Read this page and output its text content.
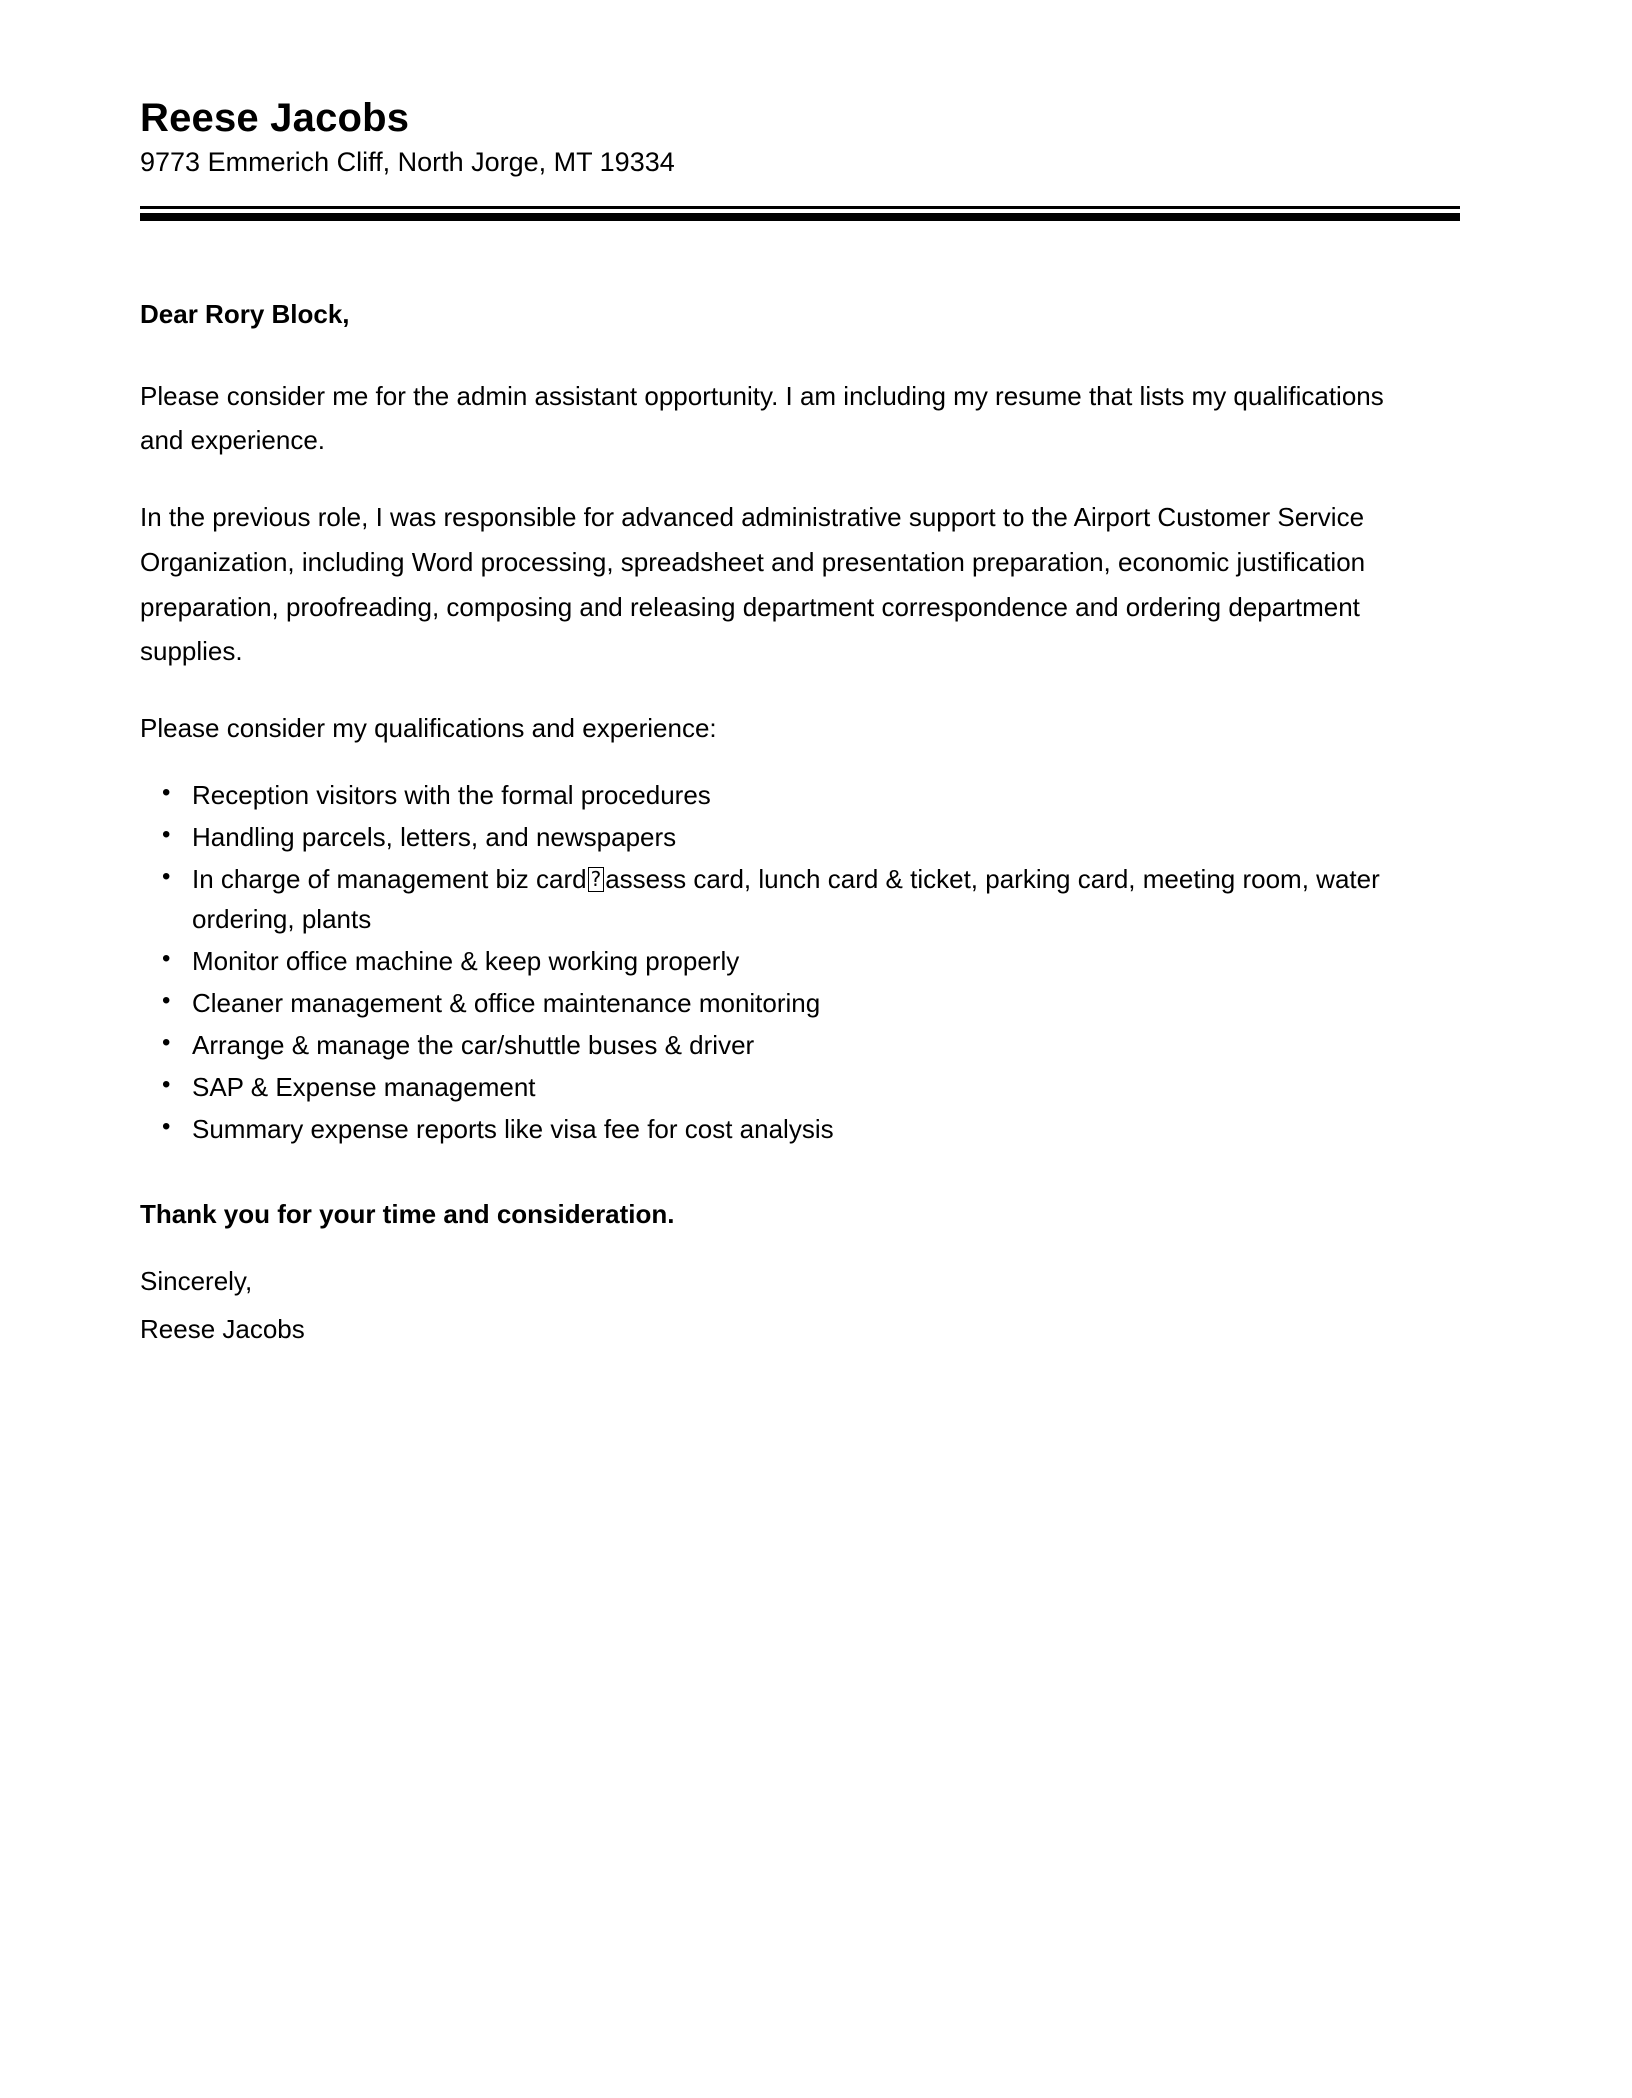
Reese Jacobs

9773 Emmerich Cliff, North Jorge, MT 19334

Dear Rory Block,

Please consider me for the admin assistant opportunity. I am including my resume that lists my qualifications and experience.

In the previous role, I was responsible for advanced administrative support to the Airport Customer Service Organization, including Word processing, spreadsheet and presentation preparation, economic justification preparation, proofreading, composing and releasing department correspondence and ordering department supplies.

Please consider my qualifications and experience:

• Reception visitors with the formal procedures
• Handling parcels, letters, and newspapers
• In charge of management biz card ? assess card, lunch card & ticket, parking card, meeting room, water ordering, plants
• Monitor office machine & keep working properly
• Cleaner management & office maintenance monitoring
• Arrange & manage the car/shuttle buses & driver
• SAP & Expense management
• Summary expense reports like visa fee for cost analysis

Thank you for your time and consideration.

Sincerely,
Reese Jacobs
